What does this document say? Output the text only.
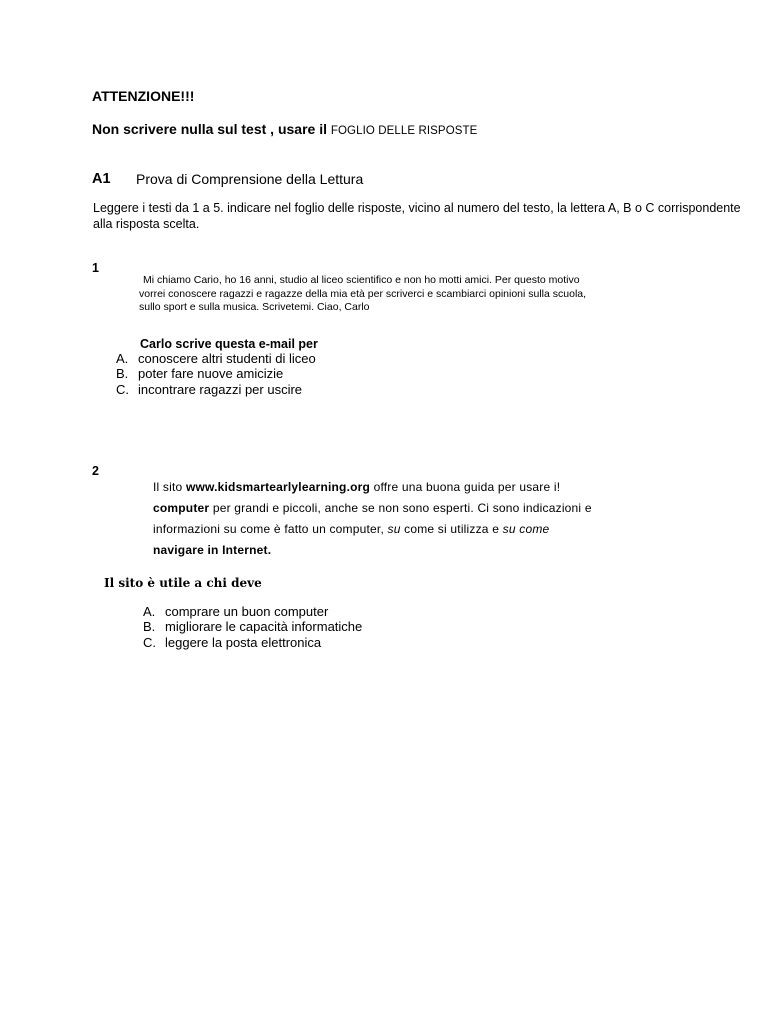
ATTENZIONE!!!
Non scrivere nulla sul test , usare il FOGLIO DELLE RISPOSTE
A1 Prova di Comprensione della Lettura
Leggere i testi da 1 a 5. indicare nel foglio delle risposte, vicino al numero del testo, la lettera A, B o C corrispondente alla risposta scelta.
1
Mi chiamo Cario, ho 16 anni, studio al liceo scientifico e non ho motti amici. Per questo motivo
vorrei conoscere ragazzi e ragazze della mia età per scriverci e scambiarci opinioni sulla scuola,
sullo sport e sulla musica. Scrivetemi. Ciao, Carlo
Carlo scrive questa e-mail per
A. conoscere altri studenti di liceo
B. poter fare nuove amicizie
C. incontrare ragazzi per uscire
2
Il sito www.kidsmartearlylearning.org offre una buona guida per usare i!
computer per grandi e piccoli, anche se non sono esperti. Ci sono indicazioni e
informazioni su come è fatto un computer, su come si utilizza e su come
navigare in Internet.
Il sito è utile a chi deve
A. comprare un buon computer
B. migliorare le capacità informatiche
C. leggere la posta elettronica
